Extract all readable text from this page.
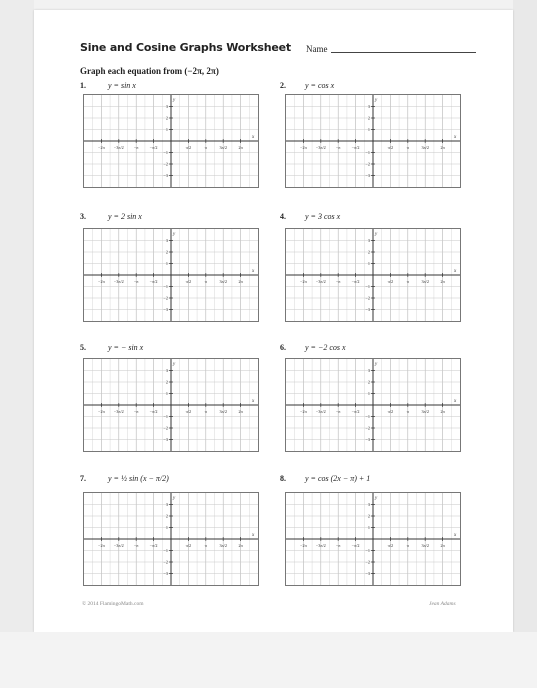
Sine and Cosine Graphs Worksheet Name
Graph each equation from (−2π, 2π)
1.	y = sin x
x
y
−2π −3π/2 −π	−π/2	π/2	π	3π/2	2π
3
2
1
−1
−2
−3
2. y = cos x
x
y
−2π −3π/2 −π	−π/2	π/2	π	3π/2	2π
3
2
1
−1
−2
−3
3.	y = 2 sin x
x
y
−2π −3π/2 −π	−π/2	π/2	π	3π/2	2π
3
2
1
−1
−2
−3
4. y = 3 cos x
x
y
−2π −3π/2 −π	−π/2	π/2	π	3π/2	2π
3
2
1
−1
−2
−3
5.	y = − sin x
x
y
−2π −3π/2 −π	−π/2	π/2	π	3π/2	2π
3
2
1
−1
−2
−3
6. y = −2 cos x
x
y
−2π −3π/2 −π	−π/2	π/2	π	3π/2	2π
3
2
1
−1
−2
−3
7.	y = ½ sin (x − π/2)
x
y
−2π −3π/2 −π	−π/2	π/2	π	3π/2	2π
3
2
1
−1
−2
−3
8. y = cos (2x − π) + 1
x
y
−2π −3π/2 −π	−π/2	π/2	π	3π/2	2π
3
2
1
−1
−2
−3
© 2014 FlamingoMath.com	Jean Adams
